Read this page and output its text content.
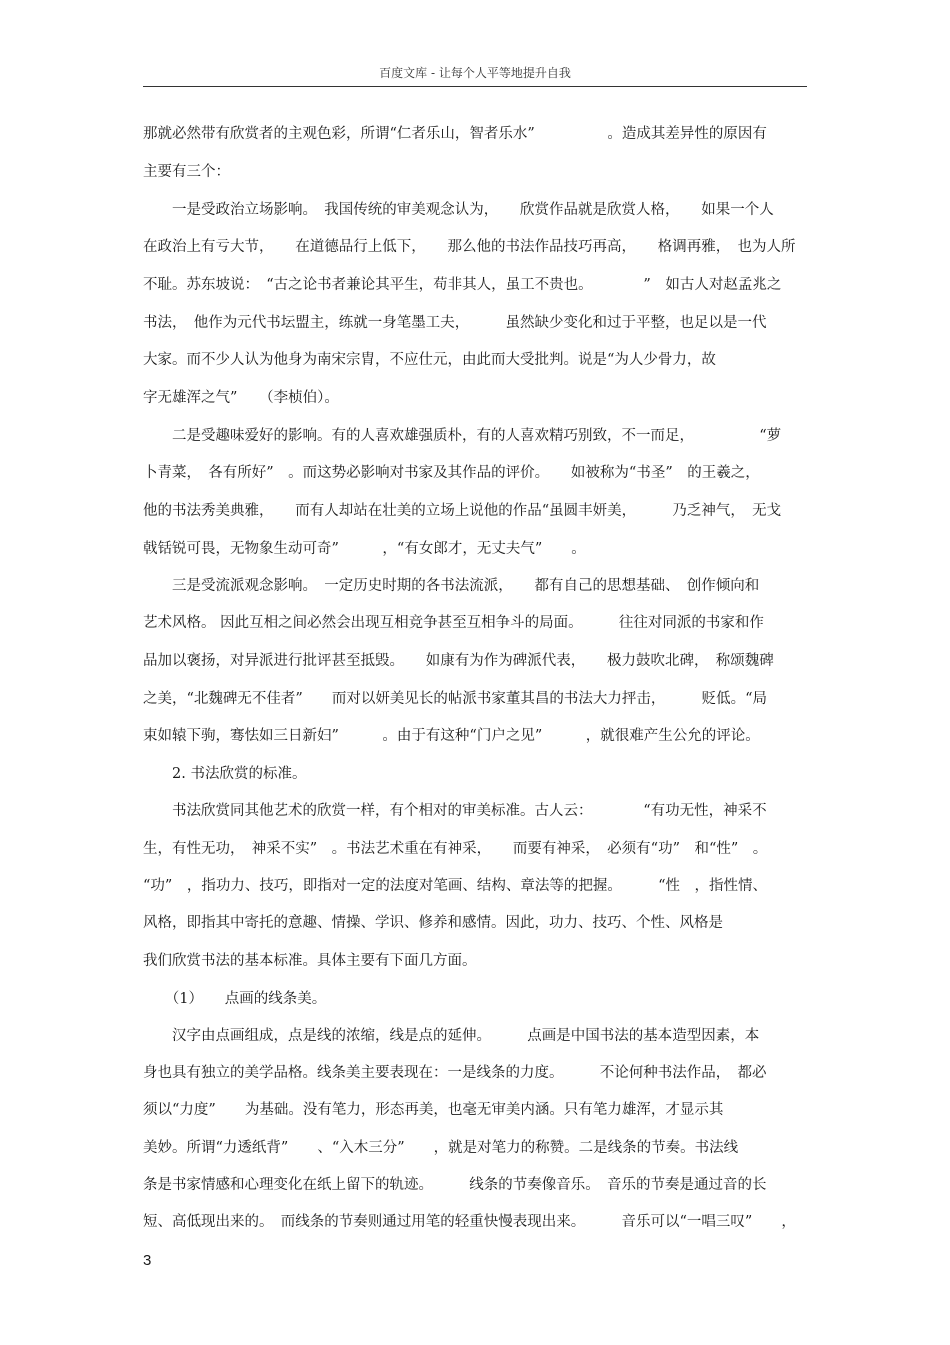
百度文库 - 让每个人平等地提升自我
那就必然带有欣赏者的主观色彩，所谓“仁者乐山，智者乐水”　　　　　。造成其差异性的原因有
主要有三个：
　　一是受政治立场影响。　我国传统的审美观念认为，　　欣赏作品就是欣赏人格，　　如果一个人
在政治上有亏大节，　　在道德品行上低下，　　那么他的书法作品技巧再高，　　格调再雅，　也为人所
不耻。苏东坡说：　“古之论书者兼论其平生，苟非其人，虽工不贵也。　　　　”　如古人对赵孟兆之
书法，　他作为元代书坛盟主，练就一身笔墨工夫，　　　虽然缺少变化和过于平整，也足以是一代
大家。而不少人认为他身为南宋宗胄，不应仕元，由此而大受批判。说是“为人少骨力，故
字无雄浑之气”　　（李桢伯）。
　　二是受趣味爱好的影响。有的人喜欢雄强质朴，有的人喜欢精巧别致，不一而足，　　　　　“萝
卜青菜，　各有所好”　。而这势必影响对书家及其作品的评价。　　如被称为“书圣”　的王羲之，
他的书法秀美典雅，　　而有人却站在壮美的立场上说他的作品“虽圆丰妍美，　　　乃乏神气，　无戈
戟铦锐可畏，无物象生动可奇”　　　，“有女郎才，无丈夫气”　　。
　　三是受流派观念影响。　一定历史时期的各书法流派，　　都有自己的思想基础、　创作倾向和
艺术风格。 因此互相之间必然会出现互相竞争甚至互相争斗的局面。　　　往往对同派的书家和作
品加以褒扬，对异派进行批评甚至抵毁。　　如康有为作为碑派代表，　　极力鼓吹北碑，　称颂魏碑
之美，“北魏碑无不佳者”　　而对以妍美见长的帖派书家董其昌的书法大力抨击，　　　贬低。“局
束如辕下驹，骞怯如三日新妇”　　　。由于有这种“门户之见”　　　，就很难产生公允的评论。
　　2. 书法欣赏的标准。
　　书法欣赏同其他艺术的欣赏一样，有个相对的审美标准。古人云：　　　　“有功无性，神采不
生，有性无功，　神采不实”　。书法艺术重在有神采，　　而要有神采，　必须有“功”　和“性”　。
“功”　，指功力、技巧，即指对一定的法度对笔画、结构、章法等的把握。　　　“性　，指性情、
风格，即指其中寄托的意趣、情操、学识、修养和感情。因此，功力、技巧、个性、风格是
我们欣赏书法的基本标准。具体主要有下面几方面。
　　（1）　　点画的线条美。
　　汉字由点画组成，点是线的浓缩，线是点的延伸。　　　点画是中国书法的基本造型因素，本
身也具有独立的美学品格。线条美主要表现在：一是线条的力度。　　　不论何种书法作品，　都必
须以“力度”　　为基础。没有笔力，形态再美，也毫无审美内涵。只有笔力雄浑，才显示其
美妙。所谓“力透纸背”　　、“入木三分”　　，就是对笔力的称赞。二是线条的节奏。书法线
条是书家情感和心理变化在纸上留下的轨迹。　　　线条的节奏像音乐。　音乐的节奏是通过音的长
短、高低现出来的。　而线条的节奏则通过用笔的轻重快慢表现出来。　　　音乐可以“一唱三叹”　　，
3
